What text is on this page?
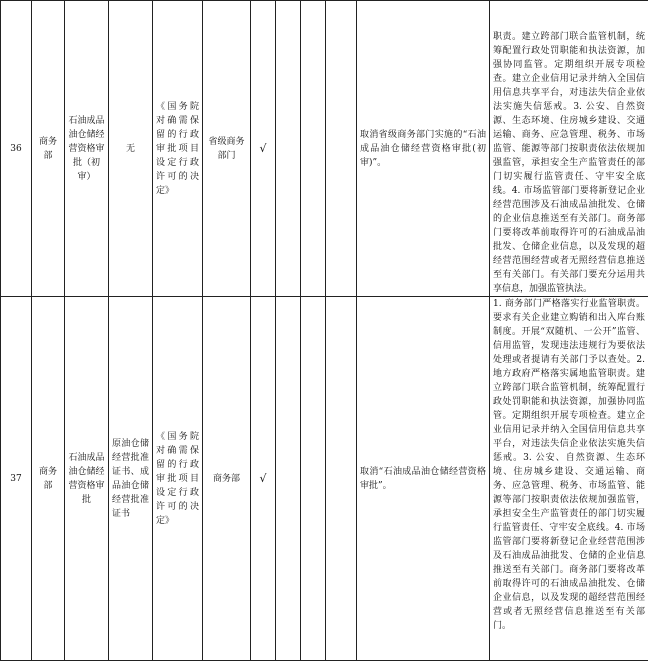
36	商务部	石油成品油仓储经营资格审批（初审）	无	《国务院对确需保留的行政审批项目设定行政许可的决定》	省级商务部门	√				取消省级商务部门实施的“石油成品油仓储经营资格审批(初审)”。	职责。建立跨部门联合监管机制，统筹配置行政处罚职能和执法资源，加强协同监管。定期组织开展专项检查。建立企业信用记录并纳入全国信用信息共享平台，对违法失信企业依法实施失信惩戒。3. 公安、自然资源、生态环境、住房城乡建设、交通运输、商务、应急管理、税务、市场监管、能源等部门按职责依法依规加强监管，承担安全生产监管责任的部门切实履行监管责任、守牢安全底线。4. 市场监管部门要将新登记企业经营范围涉及石油成品油批发、仓储的企业信息推送至有关部门。商务部门要将改革前取得许可的石油成品油批发、仓储企业信息，以及发现的超经营范围经营或者无照经营信息推送至有关部门。有关部门要充分运用共享信息，加强监管执法。

37	商务部	石油成品油仓储经营资格审批	原油仓储经营批准证书、成品油仓储经营批准证书	《国务院对确需保留的行政审批项目设定行政许可的决定》	商务部	√				取消“石油成品油仓储经营资格审批”。	1. 商务部门严格落实行业监管职责。要求有关企业建立购销和出入库台账制度。开展“双随机、一公开”监管、信用监管，发现违法违规行为要依法处理或者提请有关部门予以查处。2. 地方政府严格落实属地监管职责。建立跨部门联合监管机制，统筹配置行政处罚职能和执法资源，加强协同监管。定期组织开展专项检查。建立企业信用记录并纳入全国信用信息共享平台，对违法失信企业依法实施失信惩戒。3. 公安、自然资源、生态环境、住房城乡建设、交通运输、商务、应急管理、税务、市场监管、能源等部门按职责依法依规加强监管，承担安全生产监管责任的部门切实履行监管责任、守牢安全底线。4. 市场监管部门要将新登记企业经营范围涉及石油成品油批发、仓储的企业信息推送至有关部门。商务部门要将改革前取得许可的石油成品油批发、仓储企业信息，以及发现的超经营范围经营或者无照经营信息推送至有关部门。
